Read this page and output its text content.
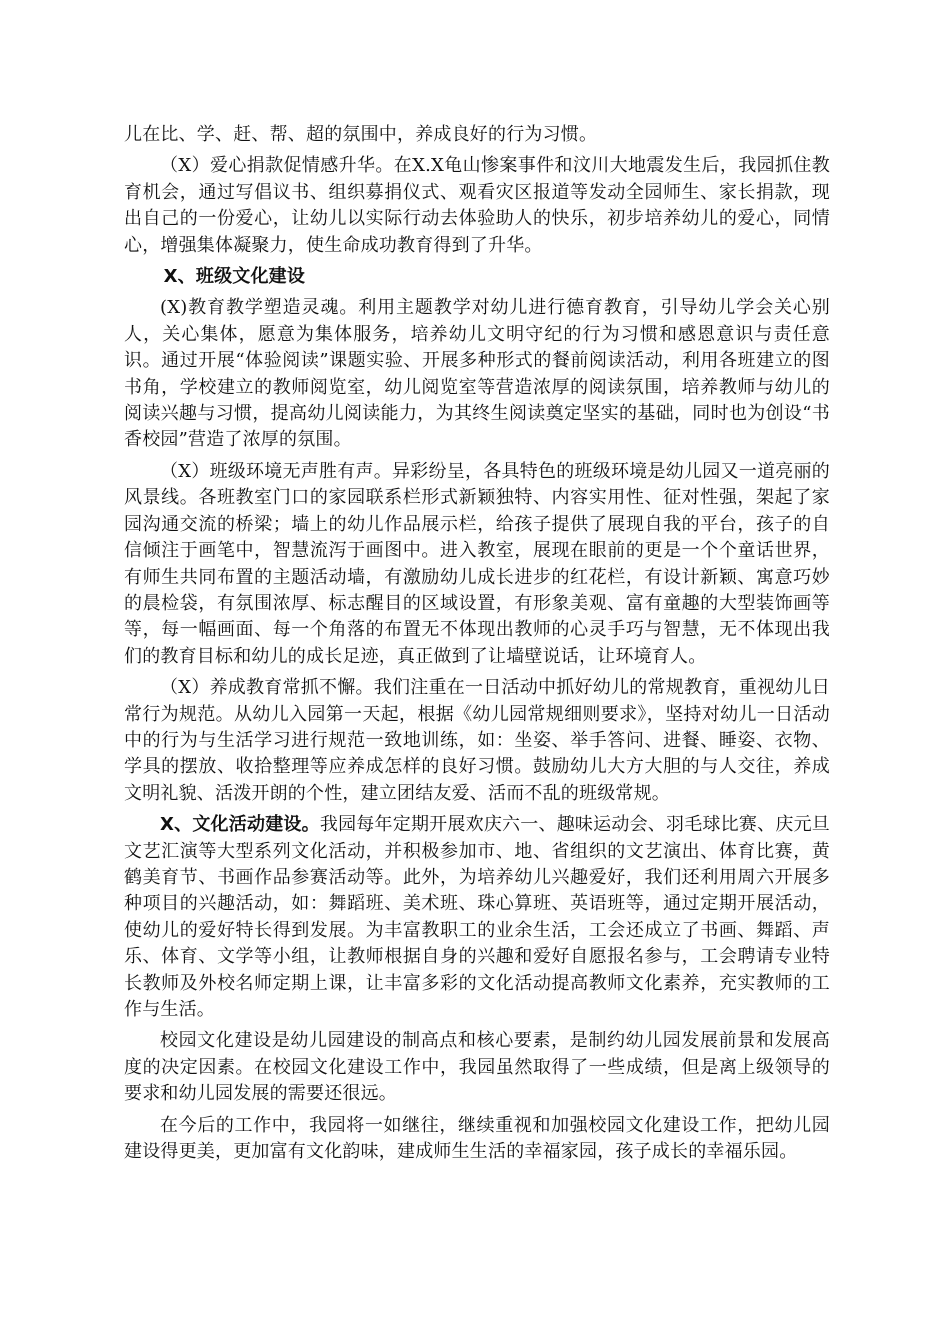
儿在比、学、赶、帮、超的氛围中，养成良好的行为习惯。

（X）爱心捐款促情感升华。在X.X龟山惨案事件和汶川大地震发生后，我园抓住教育机会，通过写倡议书、组织募捐仪式、观看灾区报道等发动全园师生、家长捐款，现出自己的一份爱心，让幼儿以实际行动去体验助人的快乐，初步培养幼儿的爱心，同情心，增强集体凝聚力，使生命成功教育得到了升华。

X、班级文化建设

(X)教育教学塑造灵魂。利用主题教学对幼儿进行德育教育，引导幼儿学会关心别人，关心集体，愿意为集体服务，培养幼儿文明守纪的行为习惯和感恩意识与责任意识。通过开展“体验阅读”课题实验、开展多种形式的餐前阅读活动，利用各班建立的图书角，学校建立的教师阅览室，幼儿阅览室等营造浓厚的阅读氛围，培养教师与幼儿的阅读兴趣与习惯，提高幼儿阅读能力，为其终生阅读奠定坚实的基础，同时也为创设“书香校园”营造了浓厚的氛围。

（X）班级环境无声胜有声。异彩纷呈，各具特色的班级环境是幼儿园又一道亮丽的风景线。各班教室门口的家园联系栏形式新颖独特、内容实用性、征对性强，架起了家园沟通交流的桥梁；墙上的幼儿作品展示栏，给孩子提供了展现自我的平台，孩子的自信倾注于画笔中，智慧流泻于画图中。进入教室，展现在眼前的更是一个个童话世界，有师生共同布置的主题活动墙，有激励幼儿成长进步的红花栏，有设计新颖、寓意巧妙的晨检袋，有氛围浓厚、标志醒目的区域设置，有形象美观、富有童趣的大型装饰画等等，每一幅画面、每一个角落的布置无不体现出教师的心灵手巧与智慧，无不体现出我们的教育目标和幼儿的成长足迹，真正做到了让墙壁说话，让环境育人。

（X）养成教育常抓不懈。我们注重在一日活动中抓好幼儿的常规教育，重视幼儿日常行为规范。从幼儿入园第一天起，根据《幼儿园常规细则要求》，坚持对幼儿一日活动中的行为与生活学习进行规范一致地训练，如：坐姿、举手答问、进餐、睡姿、衣物、学具的摆放、收拾整理等应养成怎样的良好习惯。鼓励幼儿大方大胆的与人交往，养成文明礼貌、活泼开朗的个性，建立团结友爱、活而不乱的班级常规。

X、文化活动建设。我园每年定期开展欢庆六一、趣味运动会、羽毛球比赛、庆元旦文艺汇演等大型系列文化活动，并积极参加市、地、省组织的文艺演出、体育比赛，黄鹤美育节、书画作品参赛活动等。此外，为培养幼儿兴趣爱好，我们还利用周六开展多种项目的兴趣活动，如：舞蹈班、美术班、珠心算班、英语班等，通过定期开展活动，使幼儿的爱好特长得到发展。为丰富教职工的业余生活，工会还成立了书画、舞蹈、声乐、体育、文学等小组，让教师根据自身的兴趣和爱好自愿报名参与，工会聘请专业特长教师及外校名师定期上课，让丰富多彩的文化活动提高教师文化素养，充实教师的工作与生活。

校园文化建设是幼儿园建设的制高点和核心要素，是制约幼儿园发展前景和发展高度的决定因素。在校园文化建设工作中，我园虽然取得了一些成绩，但是离上级领导的要求和幼儿园发展的需要还很远。

在今后的工作中，我园将一如继往，继续重视和加强校园文化建设工作，把幼儿园建设得更美，更加富有文化韵味，建成师生生活的幸福家园，孩子成长的幸福乐园。
